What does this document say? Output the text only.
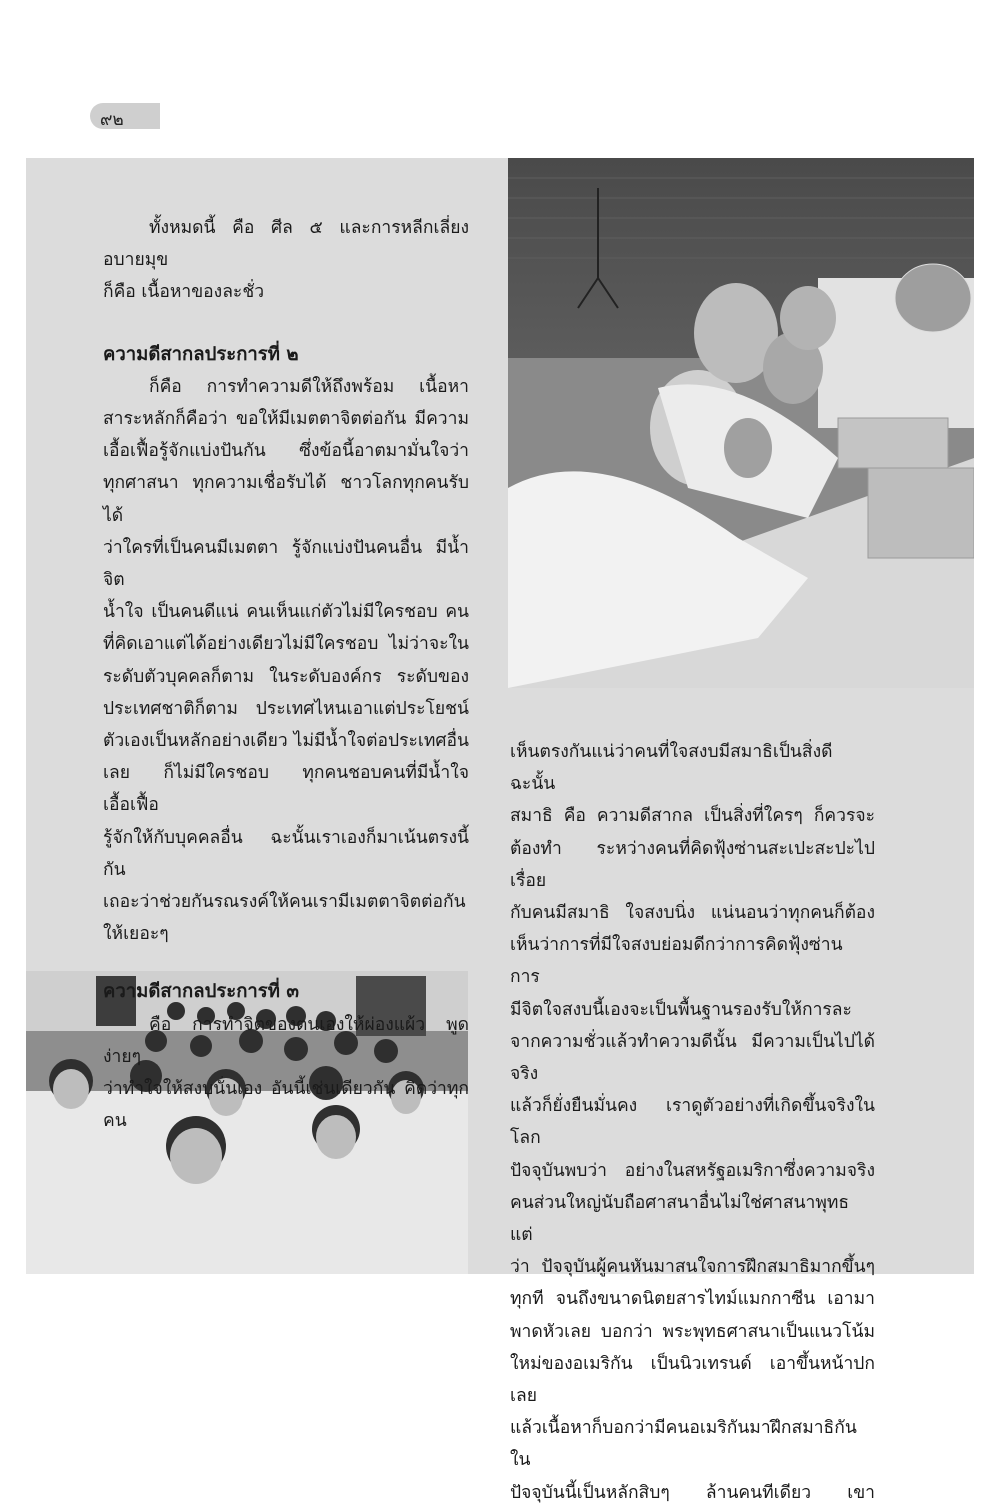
๙๒

ทั้งหมดนี้ คือ ศีล ๕ และการหลีกเลี่ยงอบายมุข

ก็คือ เนื้อหาของละชั่ว

ความดีสากลประการที่ ๒

ก็คือ การทำความดีให้ถึงพร้อม เนื้อหา

สาระหลักก็คือว่า ขอให้มีเมตตาจิตต่อกัน มีความ

เอื้อเฟื้อรู้จักแบ่งปันกัน ซึ่งข้อนี้อาตมามั่นใจว่า

ทุกศาสนา ทุกความเชื่อรับได้ ชาวโลกทุกคนรับได้

ว่าใครที่เป็นคนมีเมตตา รู้จักแบ่งปันคนอื่น มีน้ำจิต

น้ำใจ เป็นคนดีแน่ คนเห็นแก่ตัวไม่มีใครชอบ คน

ที่คิดเอาแต่ได้อย่างเดียวไม่มีใครชอบ ไม่ว่าจะใน

ระดับตัวบุคคลก็ตาม ในระดับองค์กร ระดับของ

ประเทศชาติก็ตาม ประเทศไหนเอาแต่ประโยชน์

ตัวเองเป็นหลักอย่างเดียว ไม่มีน้ำใจต่อประเทศอื่น

เลย ก็ไม่มีใครชอบ ทุกคนชอบคนที่มีน้ำใจเอื้อเฟื้อ

รู้จักให้กับบุคคลอื่น ฉะนั้นเราเองก็มาเน้นตรงนี้กัน

เถอะว่าช่วยกันรณรงค์ให้คนเรามีเมตตาจิตต่อกัน

ให้เยอะๆ

ความดีสากลประการที่ ๓

คือ การทำจิตของตนเองให้ผ่องแผ้ว พูดง่ายๆ

ว่าทำใจให้สงบนั่นเอง อันนี้เช่นเดียวกัน คิดว่าทุกคน

เห็นตรงกันแน่ว่าคนที่ใจสงบมีสมาธิเป็นสิ่งดี ฉะนั้น

สมาธิ คือ ความดีสากล เป็นสิ่งที่ใครๆ ก็ควรจะ

ต้องทำ ระหว่างคนที่คิดฟุ้งซ่านสะเปะสะปะไปเรื่อย

กับคนมีสมาธิ ใจสงบนิ่ง แน่นอนว่าทุกคนก็ต้อง

เห็นว่าการที่มีใจสงบย่อมดีกว่าการคิดฟุ้งซ่าน การ

มีจิตใจสงบนี้เองจะเป็นพื้นฐานรองรับให้การละ

จากความชั่วแล้วทำความดีนั้น มีความเป็นไปได้จริง

แล้วก็ยั่งยืนมั่นคง เราดูตัวอย่างที่เกิดขึ้นจริงในโลก

ปัจจุบันพบว่า อย่างในสหรัฐอเมริกาซึ่งความจริง

คนส่วนใหญ่นับถือศาสนาอื่นไม่ใช่ศาสนาพุทธ แต่

ว่า ปัจจุบันผู้คนหันมาสนใจการฝึกสมาธิมากขึ้นๆ

ทุกที จนถึงขนาดนิตยสารไทม์แมกกาซีน เอามา

พาดหัวเลย บอกว่า พระพุทธศาสนาเป็นแนวโน้ม

ใหม่ของอเมริกัน เป็นนิวเทรนด์ เอาขึ้นหน้าปกเลย

แล้วเนื้อหาก็บอกว่ามีคนอเมริกันมาฝึกสมาธิกันใน

ปัจจุบันนี้เป็นหลักสิบๆ ล้านคนทีเดียว เขา
